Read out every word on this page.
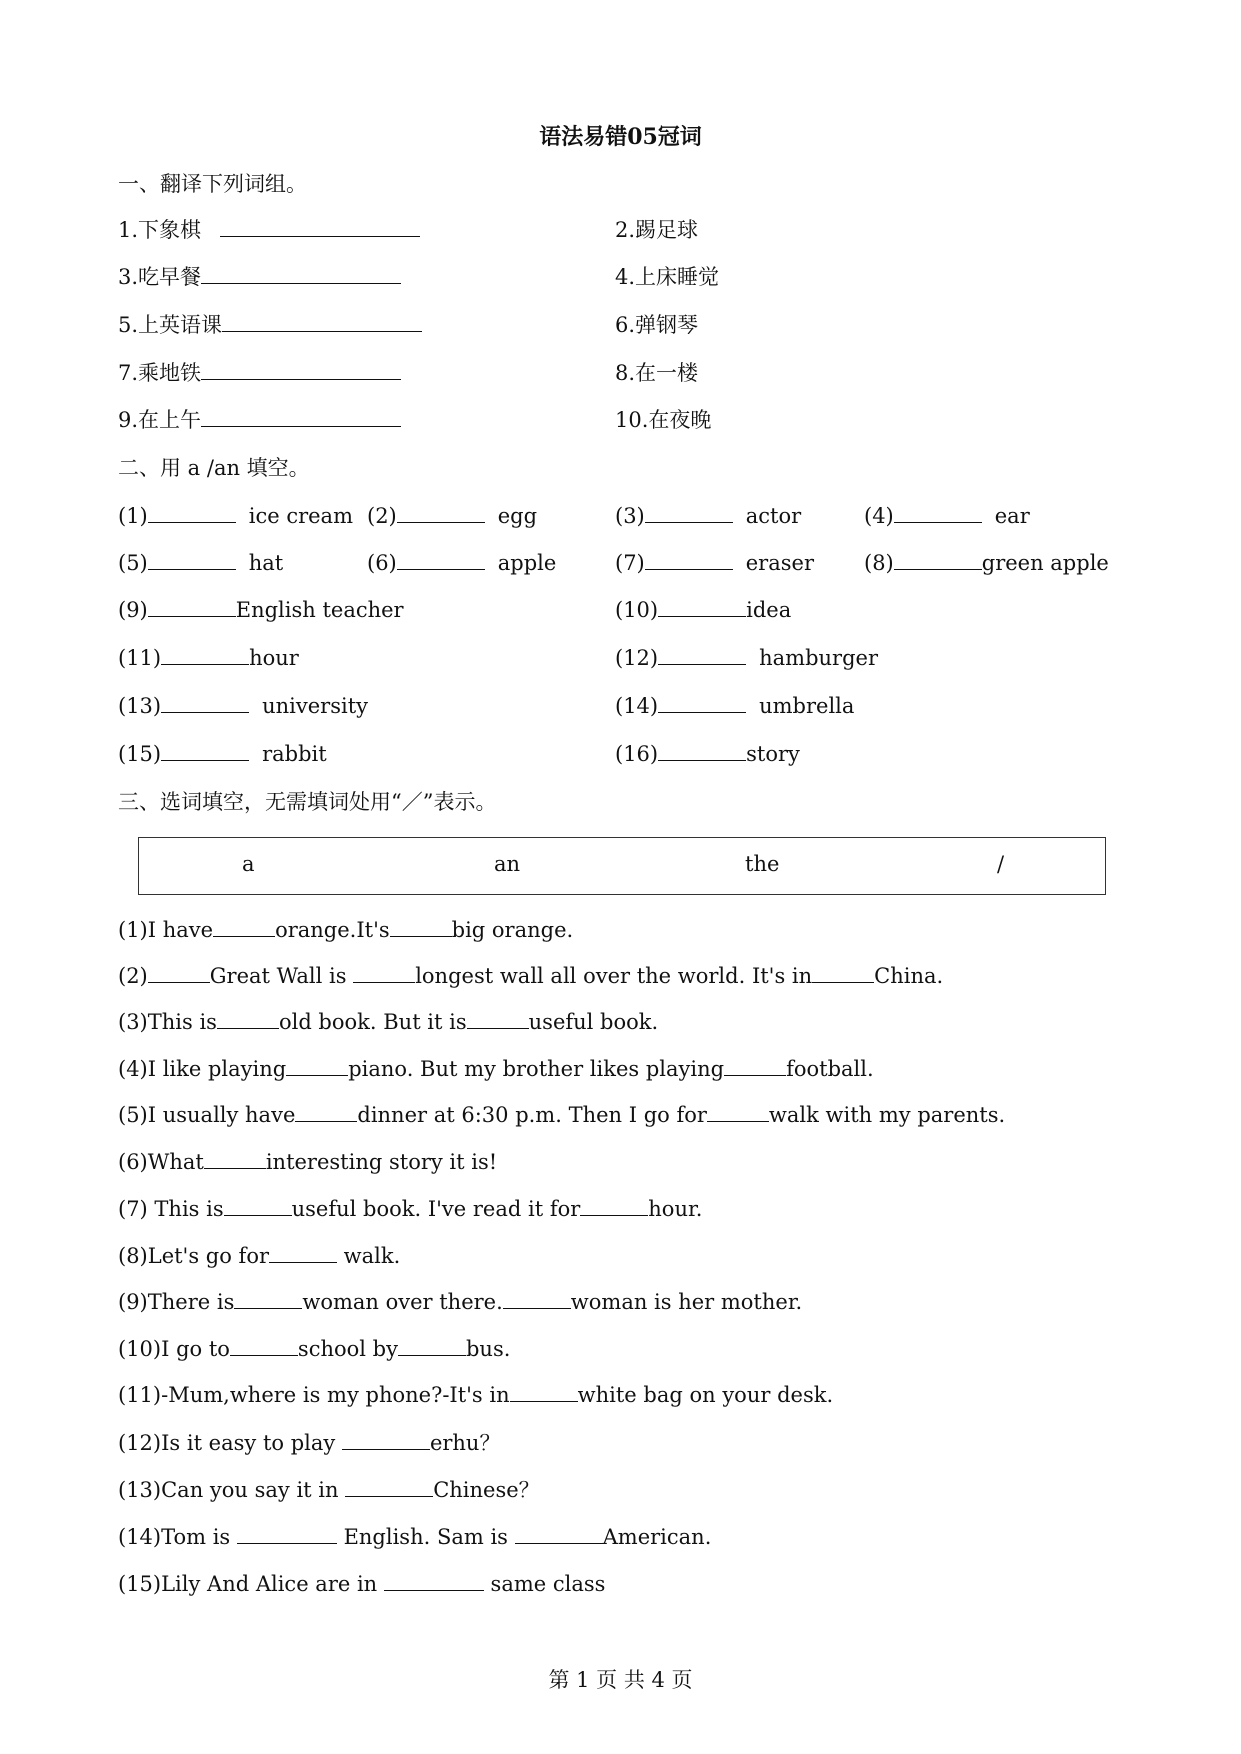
语法易错05冠词
一、翻译下列词组。
1.下象棋	2.踢足球
3.吃早餐	4.上床睡觉
5.上英语课	6.弹钢琴
7.乘地铁	8.在一楼
9.在上午	10.在夜晚
二、用 a /an 填空。
(1)	ice cream (2)	egg	(3)	actor	(4)	ear
(5)	hat	(6)	apple	(7)	eraser (8)	green apple
(9)	English teacher	(10)	idea
(11)	hour	(12)	hamburger
(13)	university	(14)	umbrella
(15)	rabbit	(16)	story
三、选词填空，无需填词处用“／”表示。
a	an	the	/
(1)I have	orange.It's	big orange.
(2)	Great Wall is	longest wall all over the world. It's in	China.
(3)This is	old book. But it is	useful book.
(4)I like playing	piano. But my brother likes playing	football.
(5)I usually have	dinner at 6:30 p.m. Then I go for	walk with my parents.
(6)What	interesting story it is!
(7) This is	useful book. I've read it for	hour.
(8)Let's go for	walk.
(9)There is	woman over there.	woman is her mother.
(10)I go to	school by	bus.
(11)-Mum,where is my phone?-It's in	white bag on your desk.
(12)Is it easy to play	erhu？
(13)Can you say it in	Chinese？
(14)Tom is	English. Sam is	American.
(15)Lily And Alice are in	same class
第 1 页 共 4 页
